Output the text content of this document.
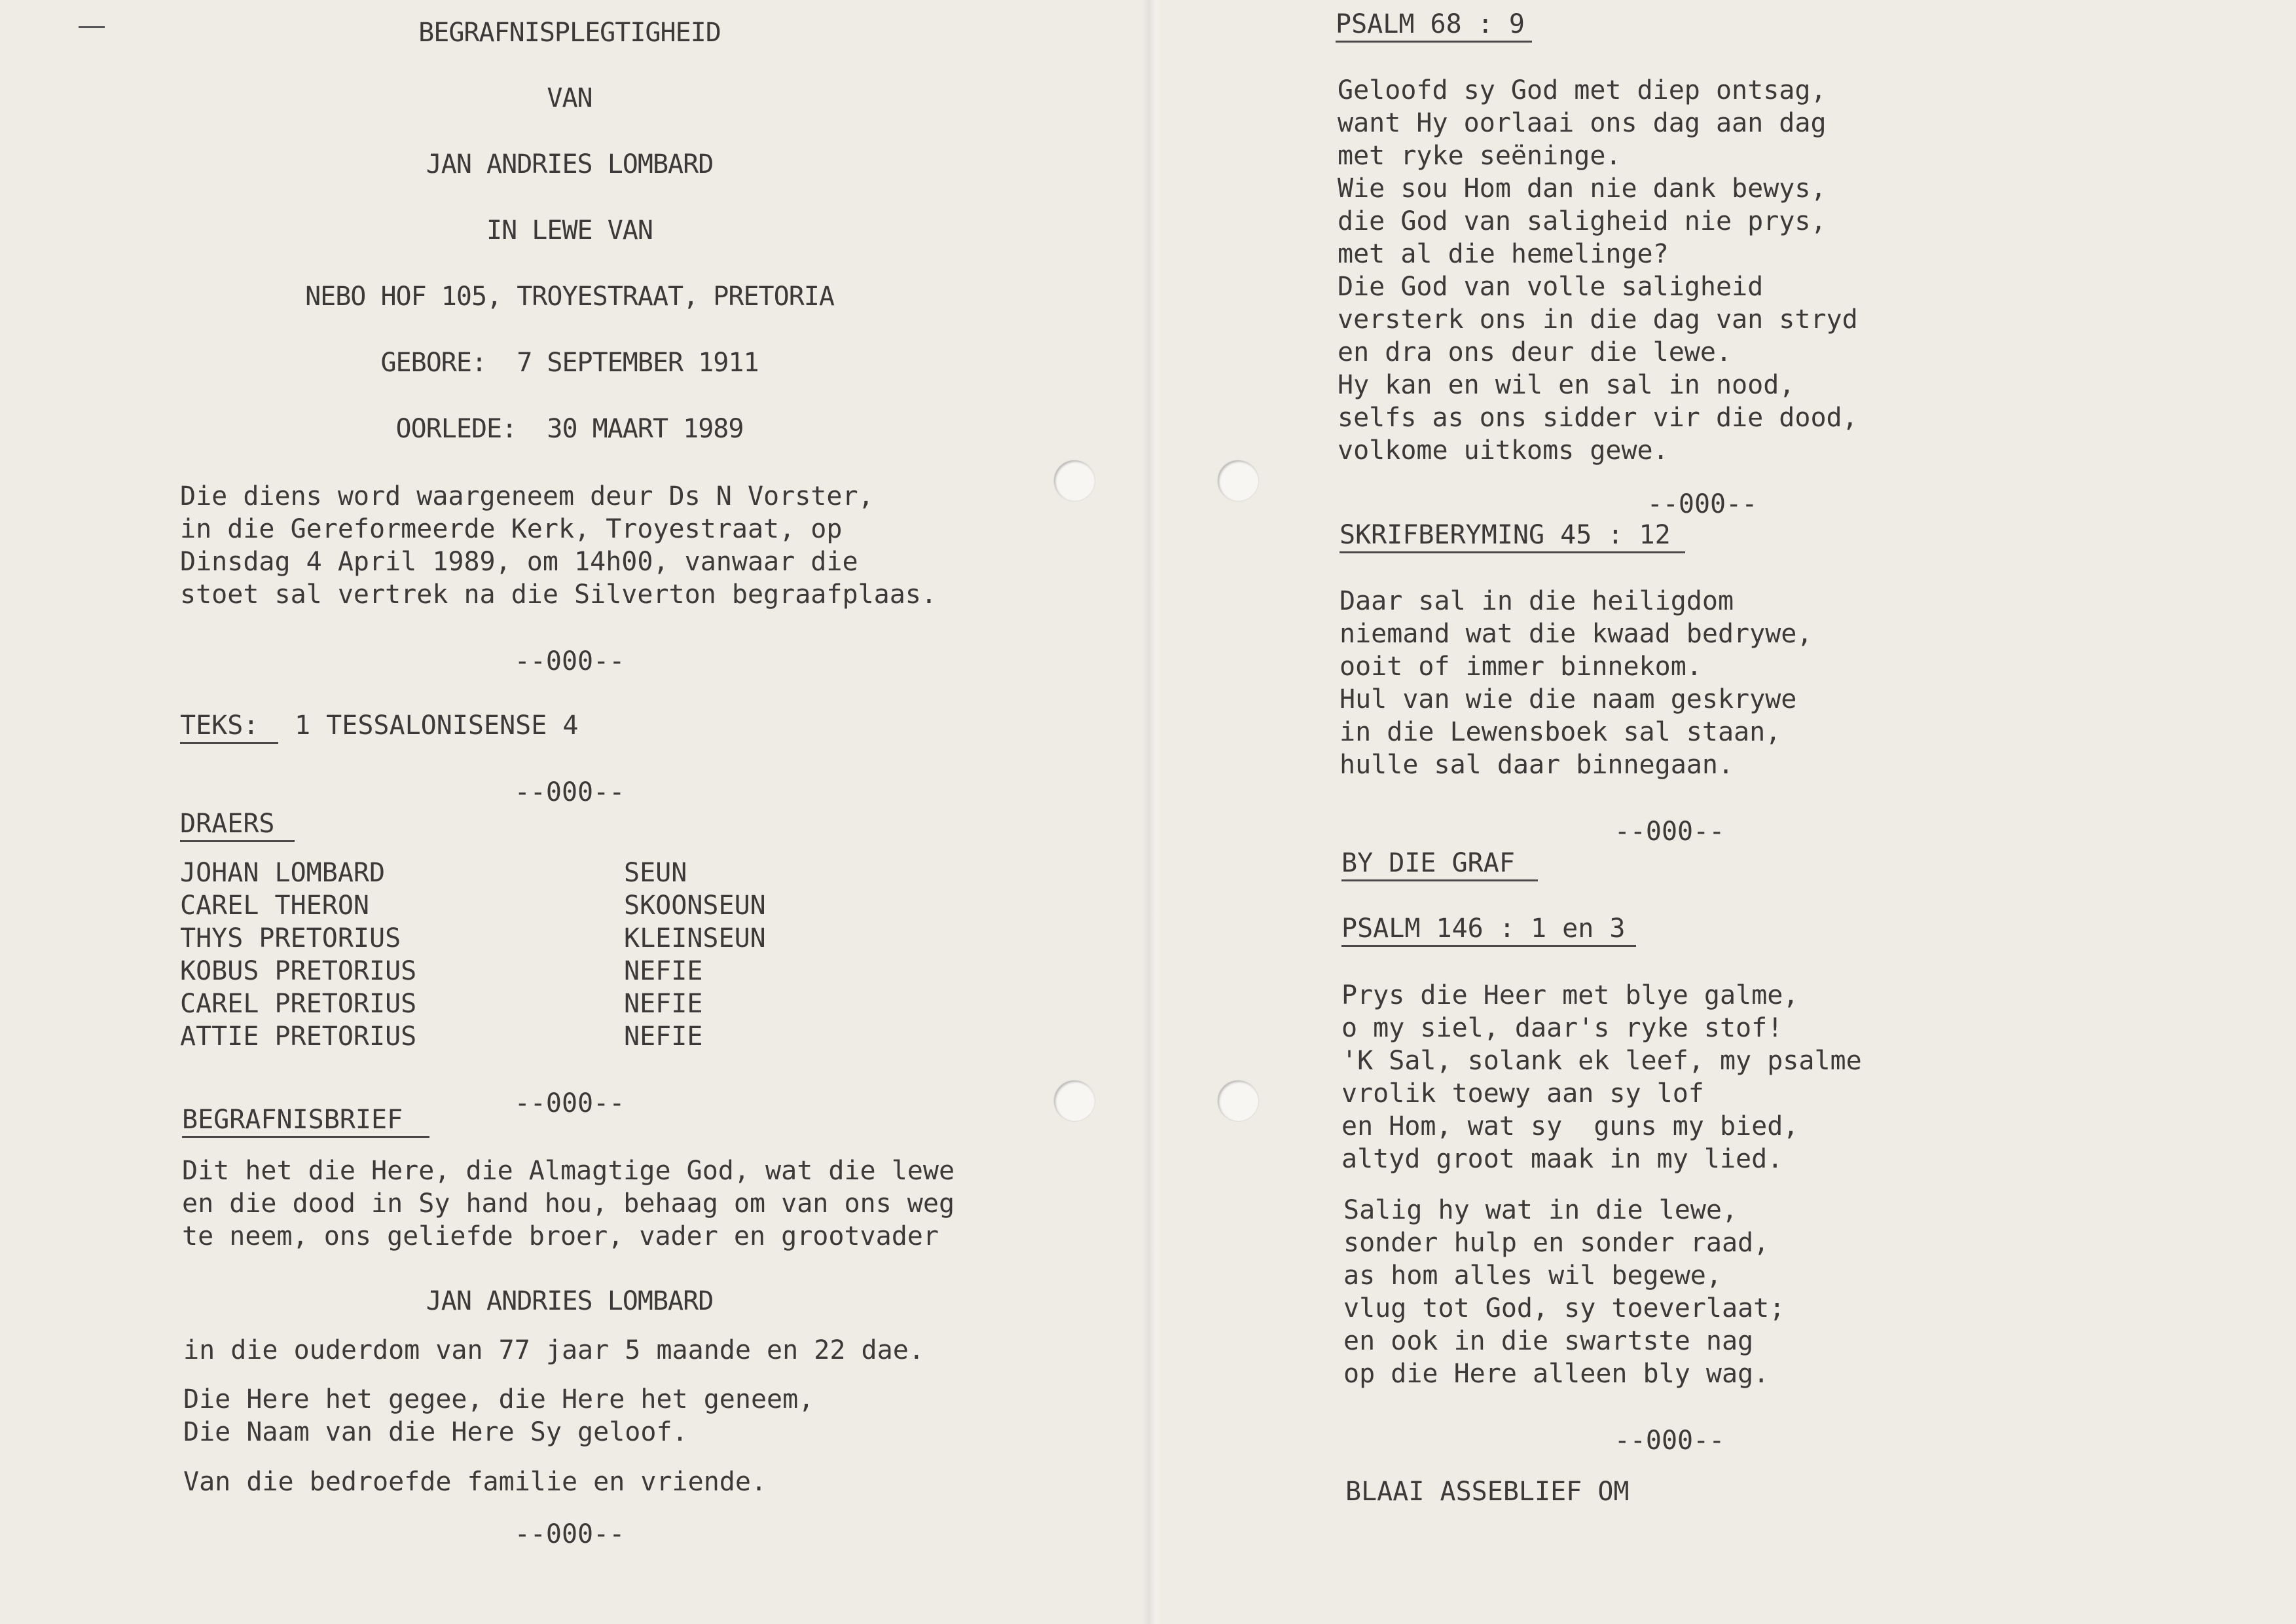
BEGRAFNISPLEGTIGHEID
VAN
JAN ANDRIES LOMBARD
IN LEWE VAN
NEBO HOF 105, TROYESTRAAT, PRETORIA
GEBORE:  7 SEPTEMBER 1911
OORLEDE:  30 MAART 1989
Die diens word waargeneem deur Ds N Vorster,
in die Gereformeerde Kerk, Troyestraat, op
Dinsdag 4 April 1989, om 14h00, vanwaar die
stoet sal vertrek na die Silverton begraafplaas.
--000--
TEKS: 1 TESSALONISENSE 4
--000--
DRAERS
JOHAN LOMBARD	SEUN
CAREL THERON	SKOONSEUN
THYS PRETORIUS	KLEINSEUN
KOBUS PRETORIUS	NEFIE
CAREL PRETORIUS	NEFIE
ATTIE PRETORIUS	NEFIE
--000--
BEGRAFNISBRIEF
Dit het die Here, die Almagtige God, wat die lewe
en die dood in Sy hand hou, behaag om van ons weg
te neem, ons geliefde broer, vader en grootvader
JAN ANDRIES LOMBARD
in die ouderdom van 77 jaar 5 maande en 22 dae.
Die Here het gegee, die Here het geneem,
Die Naam van die Here Sy geloof.
Van die bedroefde familie en vriende.
--000--
PSALM 68 : 9
Geloofd sy God met diep ontsag,
want Hy oorlaai ons dag aan dag
met ryke seëninge.
Wie sou Hom dan nie dank bewys,
die God van saligheid nie prys,
met al die hemelinge?
Die God van volle saligheid
versterk ons in die dag van stryd
en dra ons deur die lewe.
Hy kan en wil en sal in nood,
selfs as ons sidder vir die dood,
volkome uitkoms gewe.
--000--
SKRIFBERYMING 45 : 12
Daar sal in die heiligdom
niemand wat die kwaad bedrywe,
ooit of immer binnekom.
Hul van wie die naam geskrywe
in die Lewensboek sal staan,
hulle sal daar binnegaan.
--000--
BY DIE GRAF
PSALM 146 : 1 en 3
Prys die Heer met blye galme,
o my siel, daar's ryke stof!
'K Sal, solank ek leef, my psalme
vrolik toewy aan sy lof
en Hom, wat sy  guns my bied,
altyd groot maak in my lied.
Salig hy wat in die lewe,
sonder hulp en sonder raad,
as hom alles wil begewe,
vlug tot God, sy toeverlaat;
en ook in die swartste nag
op die Here alleen bly wag.
--000--
BLAAI ASSEBLIEF OM
